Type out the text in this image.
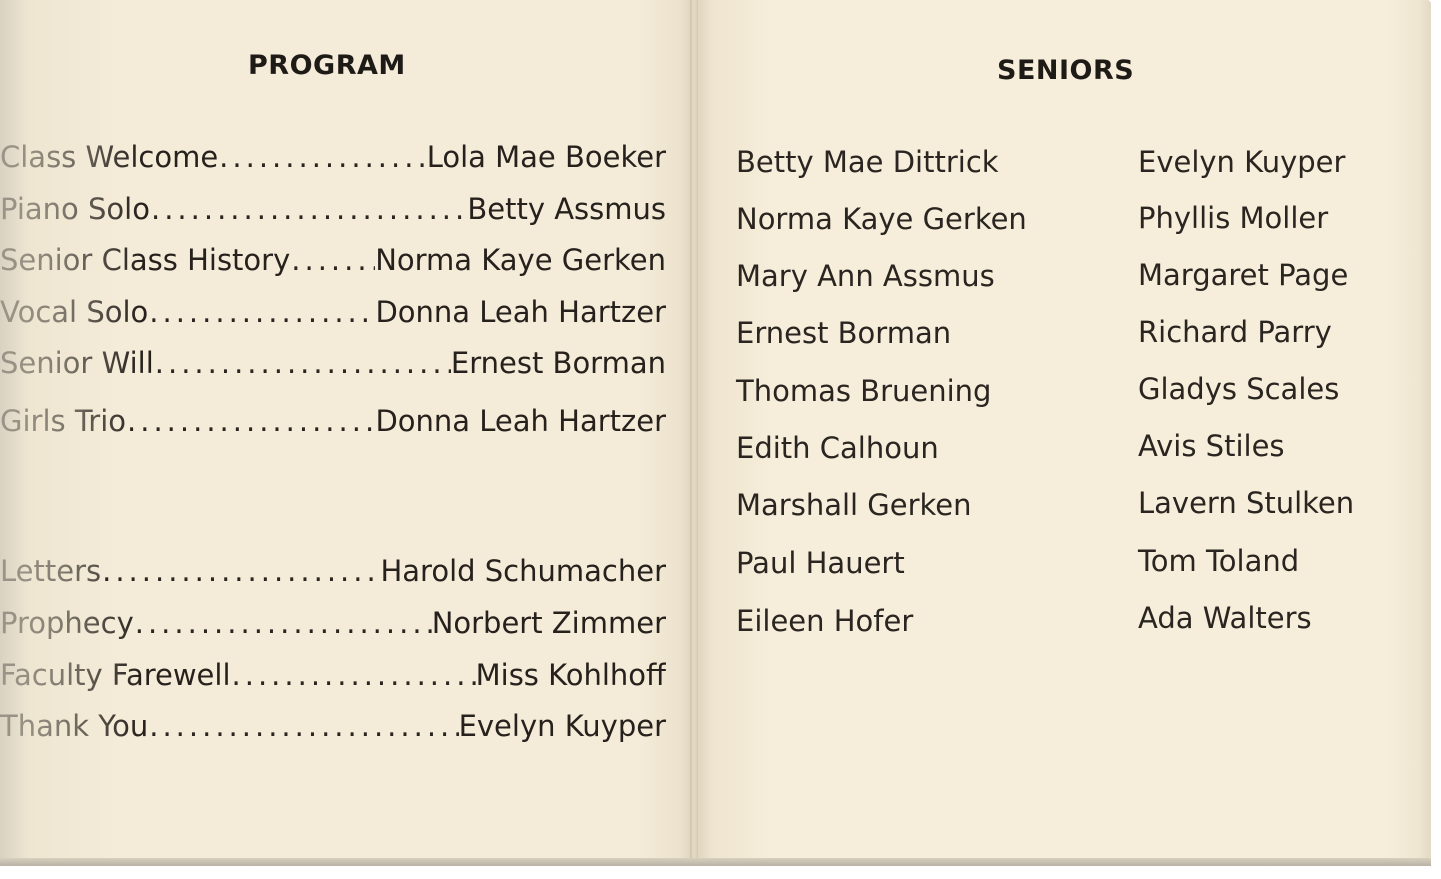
PROGRAM
Class Welcome .....	Lola Mae Boeker
Piano Solo .....	Betty Assmus
Senior Class History .....	Norma Kaye Gerken
Vocal Solo .....	Donna Leah Hartzer
Senior Will .....	Ernest Borman
Girls Trio .....	Donna Leah Hartzer
Letters .....	Harold Schumacher
Prophecy .....	Norbert Zimmer
Faculty Farewell .....	Miss Kohlhoff
Thank You .....	Evelyn Kuyper
SENIORS
Betty Mae Dittrick
Norma Kaye Gerken
Mary Ann Assmus
Ernest Borman
Thomas Bruening
Edith Calhoun
Marshall Gerken
Paul Hauert
Eileen Hofer
Evelyn Kuyper
Phyllis Moller
Margaret Page
Richard Parry
Gladys Scales
Avis Stiles
Lavern Stulken
Tom Toland
Ada Walters
